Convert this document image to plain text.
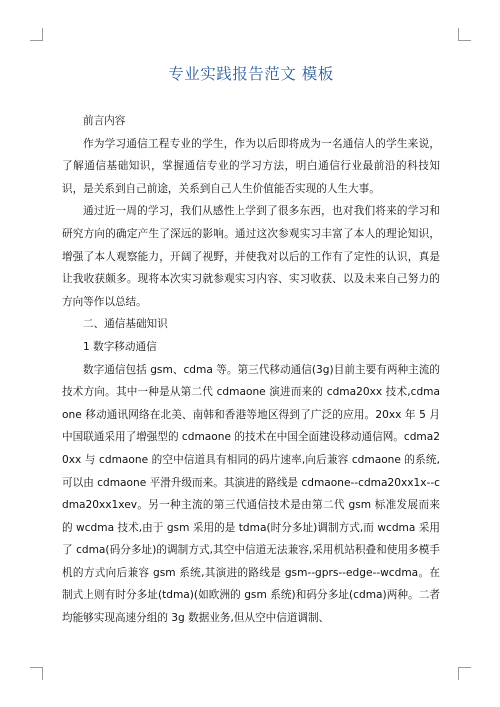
专业实践报告范文 模板

前言内容

作为学习通信工程专业的学生，作为以后即将成为一名通信人的学生来说，了解通信基础知识，掌握通信专业的学习方法，明白通信行业最前沿的科技知识，是关系到自己前途，关系到自己人生价值能否实现的人生大事。

通过近一周的学习，我们从感性上学到了很多东西，也对我们将来的学习和研究方向的确定产生了深远的影响。通过这次参观实习丰富了本人的理论知识，增强了本人观察能力，开阔了视野，并使我对以后的工作有了定性的认识，真是让我收获颇多。现将本次实习就参观实习内容、实习收获、以及未来自己努力的方向等作以总结。

二、通信基础知识

1 数字移动通信

数字通信包括 gsm、cdma 等。第三代移动通信(3g)目前主要有两种主流的技术方向。其中一种是从第二代 cdmaone 演进而来的 cdma20xx 技术,cdmaone 移动通讯网络在北美、南韩和香港等地区得到了广泛的应用。20xx 年 5 月中国联通采用了增强型的 cdmaone 的技术在中国全面建设移动通信网。cdma20xx 与 cdmaone 的空中信道具有相同的码片速率,向后兼容 cdmaone 的系统,可以由 cdmaone 平滑升级而来。其演进的路线是 cdmaone--cdma20xx1x--cdma20xx1xev。另一种主流的第三代通信技术是由第二代 gsm 标准发展而来的 wcdma 技术,由于 gsm 采用的是 tdma(时分多址)调制方式,而 wcdma 采用了 cdma(码分多址)的调制方式,其空中信道无法兼容,采用机站积叠和使用多模手机的方式向后兼容 gsm 系统,其演进的路线是 gsm--gprs--edge--wcdma。在制式上则有时分多址(tdma)(如欧洲的 gsm 系统)和码分多址(cdma)两种。二者均能够实现高速分组的 3g 数据业务,但从空中信道调制、
